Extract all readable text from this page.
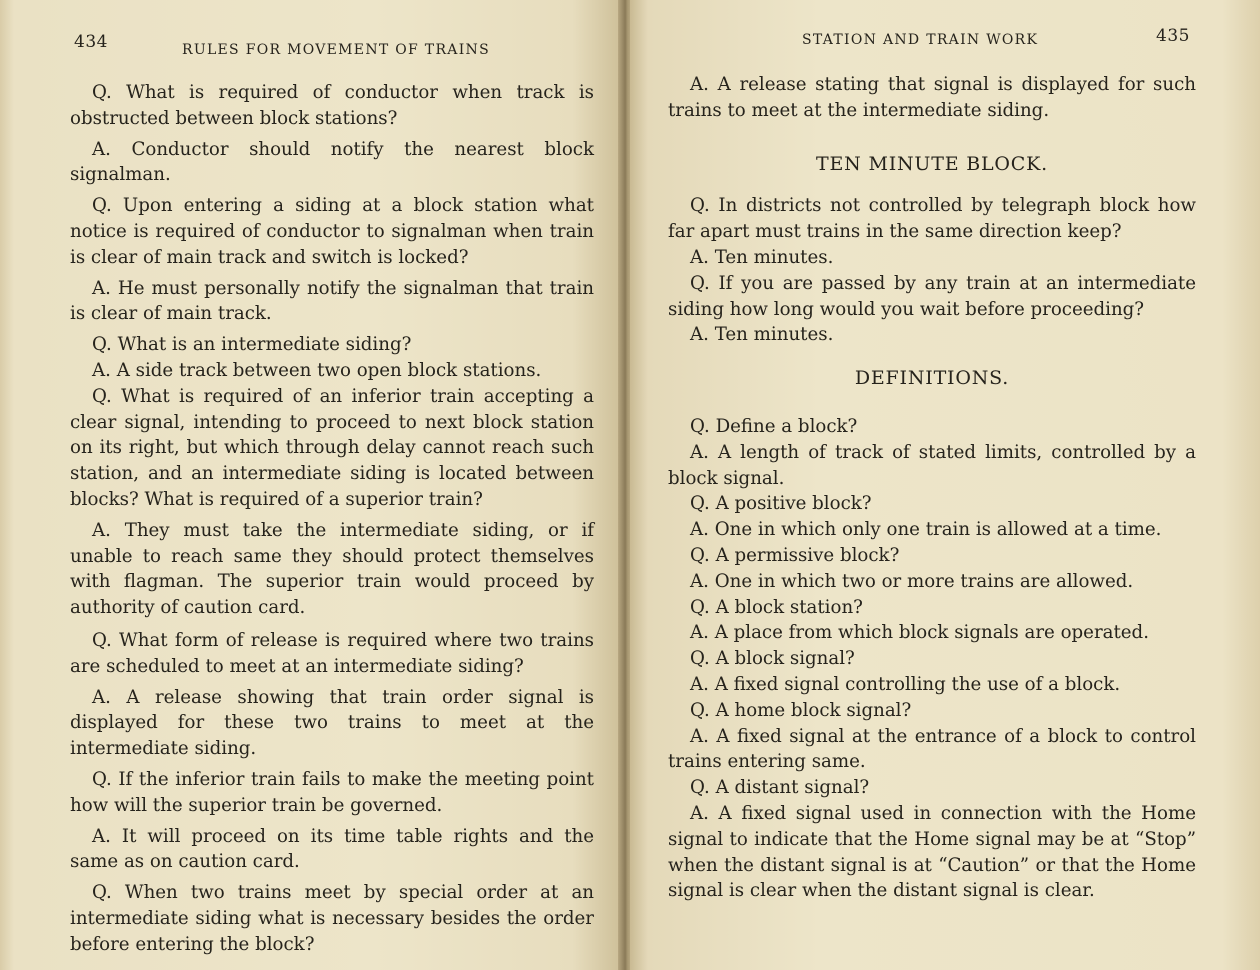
434	RULES FOR MOVEMENT OF TRAINS

Q. What is required of conductor when track is obstructed between block stations?

A. Conductor should notify the nearest block signalman.

Q. Upon entering a siding at a block station what notice is required of conductor to signalman when train is clear of main track and switch is locked?

A. He must personally notify the signalman that train is clear of main track.

Q. What is an intermediate siding?

A. A side track between two open block stations.

Q. What is required of an inferior train accepting a clear signal, intending to proceed to next block station on its right, but which through delay cannot reach such station, and an intermediate siding is located between blocks? What is required of a superior train?

A. They must take the intermediate siding, or if unable to reach same they should protect themselves with flagman. The superior train would proceed by authority of caution card.

Q. What form of release is required where two trains are scheduled to meet at an intermediate siding?

A. A release showing that train order signal is displayed for these two trains to meet at the intermediate siding.

Q. If the inferior train fails to make the meeting point how will the superior train be governed.

A. It will proceed on its time table rights and the same as on caution card.

Q. When two trains meet by special order at an intermediate siding what is necessary besides the order before entering the block?

STATION AND TRAIN WORK	435

A. A release stating that signal is displayed for such trains to meet at the intermediate siding.

TEN MINUTE BLOCK.

Q. In districts not controlled by telegraph block how far apart must trains in the same direction keep?

A. Ten minutes.

Q. If you are passed by any train at an intermediate siding how long would you wait before proceeding?

A. Ten minutes.

DEFINITIONS.

Q. Define a block?

A. A length of track of stated limits, controlled by a block signal.

Q. A positive block?

A. One in which only one train is allowed at a time.

Q. A permissive block?

A. One in which two or more trains are allowed.

Q. A block station?

A. A place from which block signals are operated.

Q. A block signal?

A. A fixed signal controlling the use of a block.

Q. A home block signal?

A. A fixed signal at the entrance of a block to control trains entering same.

Q. A distant signal?

A. A fixed signal used in connection with the Home signal to indicate that the Home signal may be at “Stop” when the distant signal is at “Caution” or that the Home signal is clear when the distant signal is clear.
